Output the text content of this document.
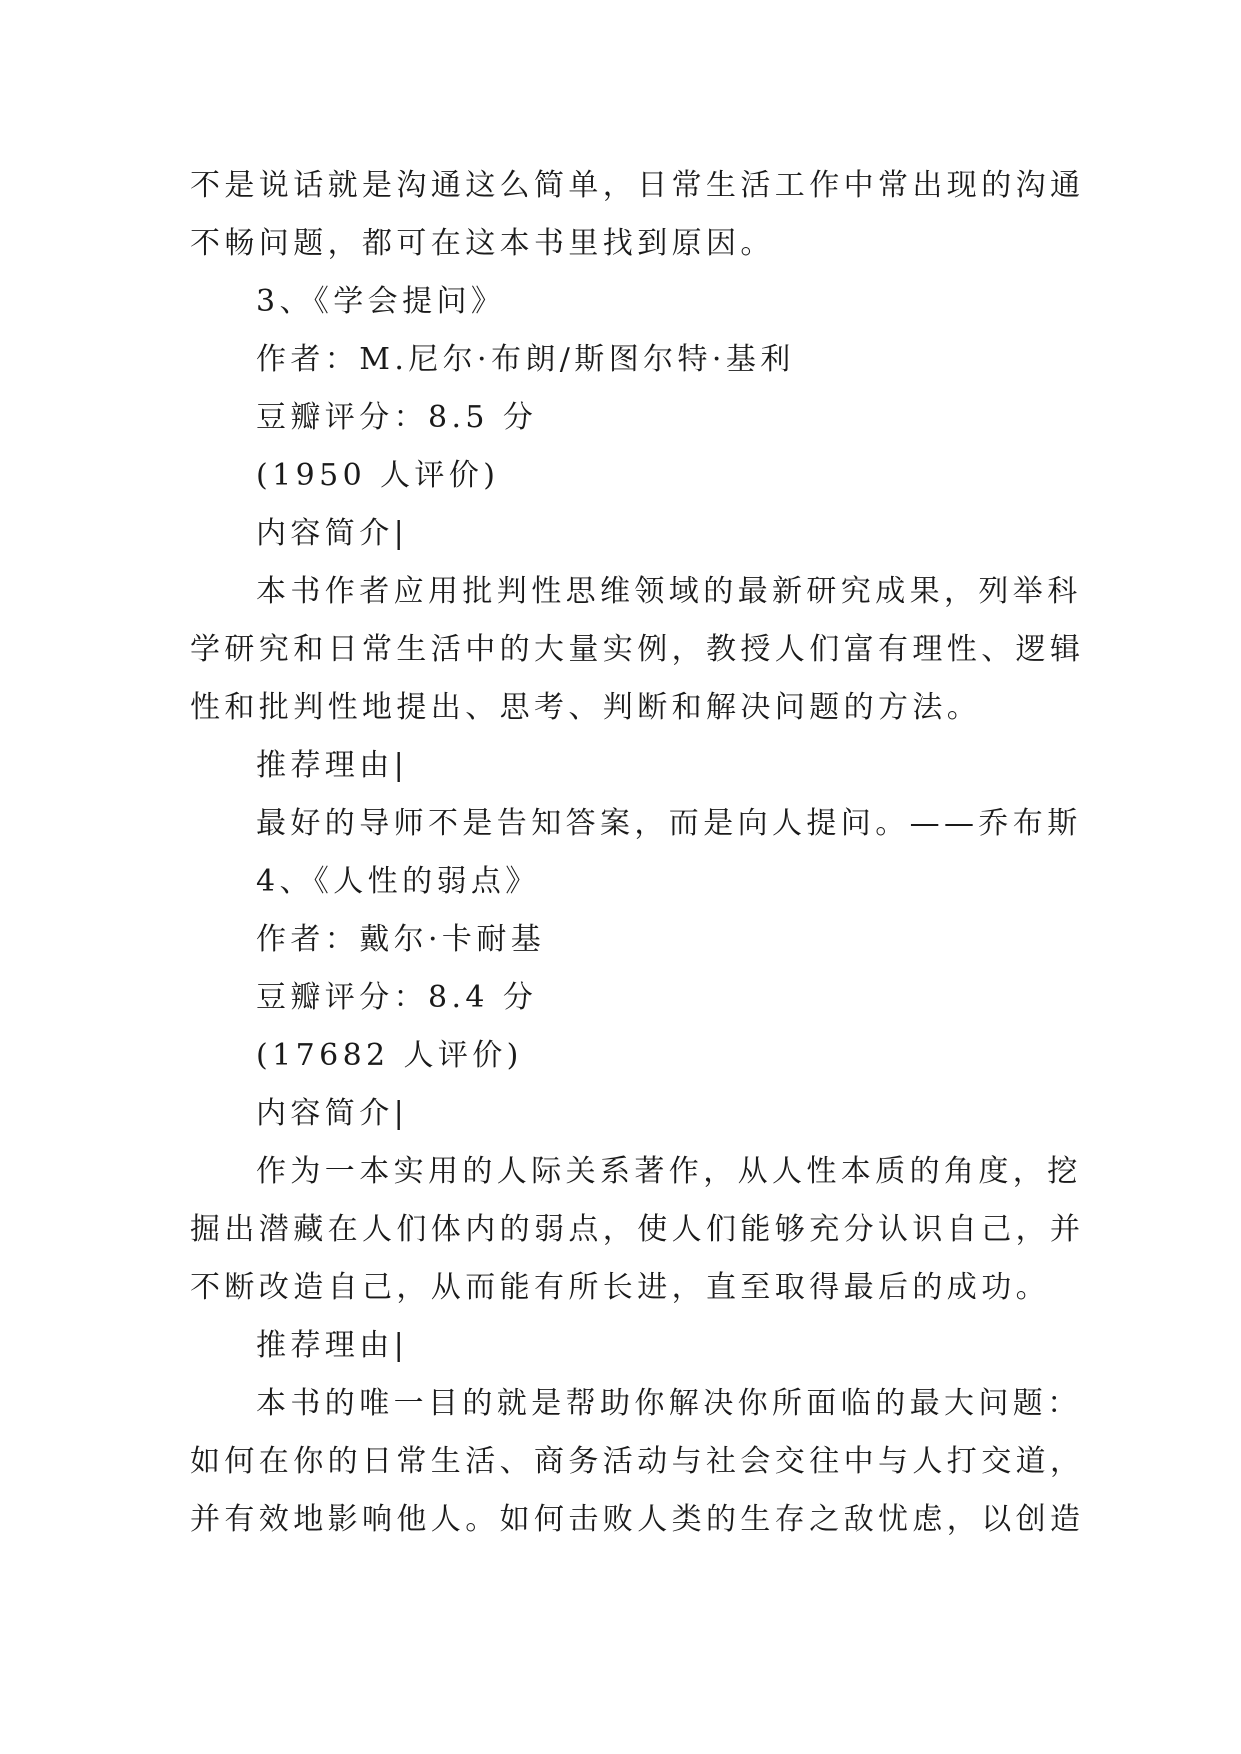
不是说话就是沟通这么简单，日常生活工作中常出现的沟通
不畅问题，都可在这本书里找到原因。
3、《学会提问》
作者：M.尼尔·布朗/斯图尔特·基利
豆瓣评分：8.5 分
(1950 人评价)
内容简介|
本书作者应用批判性思维领域的最新研究成果，列举科
学研究和日常生活中的大量实例，教授人们富有理性、逻辑
性和批判性地提出、思考、判断和解决问题的方法。
推荐理由|
最好的导师不是告知答案，而是向人提问。——乔布斯
4、《人性的弱点》
作者：戴尔·卡耐基
豆瓣评分：8.4 分
(17682 人评价)
内容简介|
作为一本实用的人际关系著作，从人性本质的角度，挖
掘出潜藏在人们体内的弱点，使人们能够充分认识自己，并
不断改造自己，从而能有所长进，直至取得最后的成功。
推荐理由|
本书的唯一目的就是帮助你解决你所面临的最大问题：
如何在你的日常生活、商务活动与社会交往中与人打交道，
并有效地影响他人。如何击败人类的生存之敌忧虑，以创造
